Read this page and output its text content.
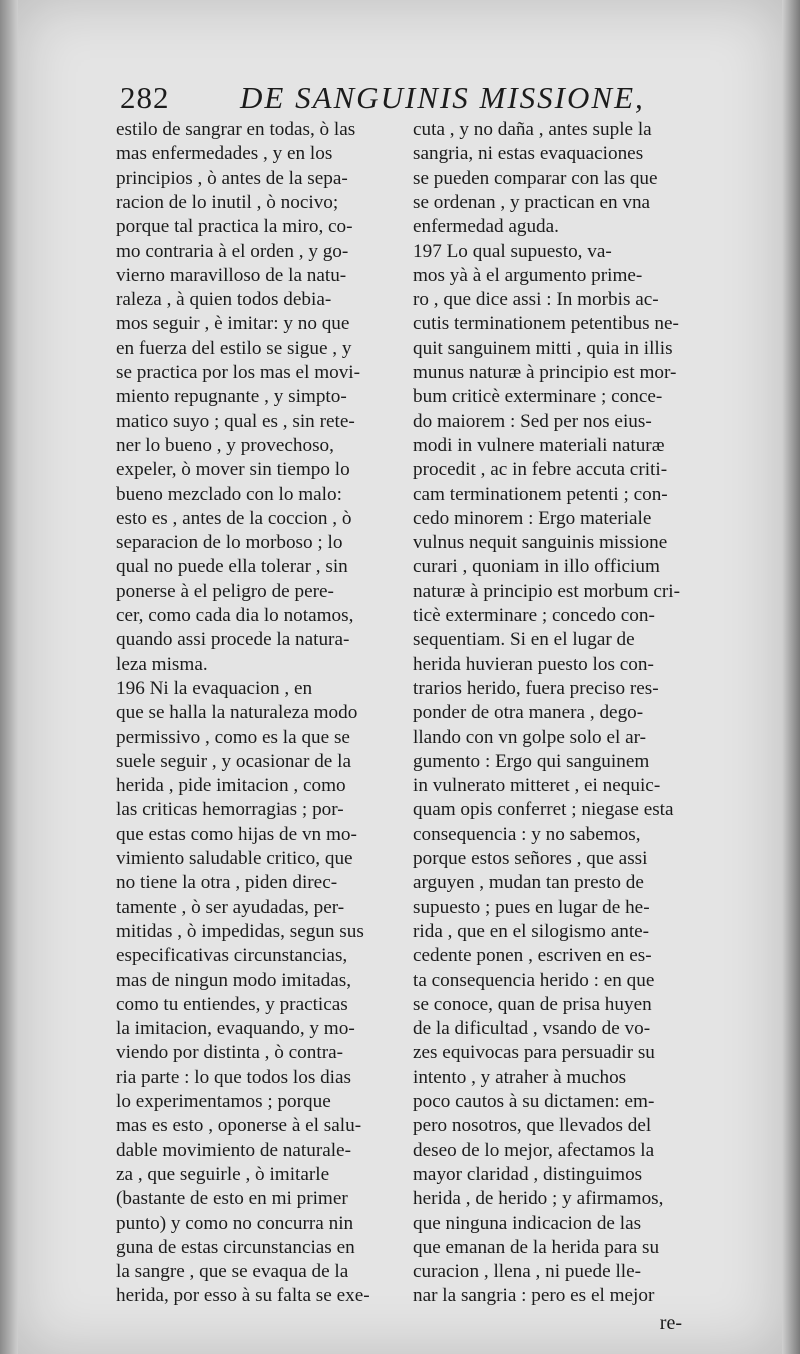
282 DE SANGUINIS MISSIONE,
estilo de sangrar en todas, ò las
mas enfermedades , y en los
principios , ò antes de la sepa-
racion de lo inutil , ò nocivo;
porque tal practica la miro, co-
mo contraria à el orden , y go-
vierno maravilloso de la natu-
raleza , à quien todos debia-
mos seguir , è imitar: y no que
en fuerza del estilo se sigue , y
se practica por los mas el movi-
miento repugnante , y simpto-
matico suyo ; qual es , sin rete-
ner lo bueno , y provechoso,
expeler, ò mover sin tiempo lo
bueno mezclado con lo malo:
esto es , antes de la coccion , ò
separacion de lo morboso ; lo
qual no puede ella tolerar , sin
ponerse à el peligro de pere-
cer, como cada dia lo notamos,
quando assi procede la natura-
leza misma.
196 Ni la evaquacion , en
que se halla la naturaleza modo
permissivo , como es la que se
suele seguir , y ocasionar de la
herida , pide imitacion , como
las criticas hemorragias ; por-
que estas como hijas de vn mo-
vimiento saludable critico, que
no tiene la otra , piden direc-
tamente , ò ser ayudadas, per-
mitidas , ò impedidas, segun sus
especificativas circunstancias,
mas de ningun modo imitadas,
como tu entiendes, y practicas
la imitacion, evaquando, y mo-
viendo por distinta , ò contra-
ria parte : lo que todos los dias
lo experimentamos ; porque
mas es esto , oponerse à el salu-
dable movimiento de naturale-
za , que seguirle , ò imitarle
(bastante de esto en mi primer
punto) y como no concurra nin
guna de estas circunstancias en
la sangre , que se evaqua de la
herida, por esso à su falta se exe-
cuta , y no daña , antes suple la
sangria, ni estas evaquaciones
se pueden comparar con las que
se ordenan , y practican en vna
enfermedad aguda.
197 Lo qual supuesto, va-
mos yà à el argumento prime-
ro , que dice assi : In morbis ac-
cutis terminationem petentibus ne-
quit sanguinem mitti , quia in illis
munus naturæ à principio est mor-
bum criticè exterminare ; conce-
do maiorem : Sed per nos eius-
modi in vulnere materiali naturæ
procedit , ac in febre accuta criti-
cam terminationem petenti ; con-
cedo minorem : Ergo materiale
vulnus nequit sanguinis missione
curari , quoniam in illo officium
naturæ à principio est morbum cri-
ticè exterminare ; concedo con-
sequentiam. Si en el lugar de
herida huvieran puesto los con-
trarios herido, fuera preciso res-
ponder de otra manera , dego-
llando con vn golpe solo el ar-
gumento : Ergo qui sanguinem
in vulnerato mitteret , ei nequic-
quam opis conferret ; niegase esta
consequencia : y no sabemos,
porque estos señores , que assi
arguyen , mudan tan presto de
supuesto ; pues en lugar de he-
rida , que en el silogismo ante-
cedente ponen , escriven en es-
ta consequencia herido : en que
se conoce, quan de prisa huyen
de la dificultad , vsando de vo-
zes equivocas para persuadir su
intento , y atraher à muchos
poco cautos à su dictamen: em-
pero nosotros, que llevados del
deseo de lo mejor, afectamos la
mayor claridad , distinguimos
herida , de herido ; y afirmamos,
que ninguna indicacion de las
que emanan de la herida para su
curacion , llena , ni puede lle-
nar la sangria : pero es el mejor
re-
